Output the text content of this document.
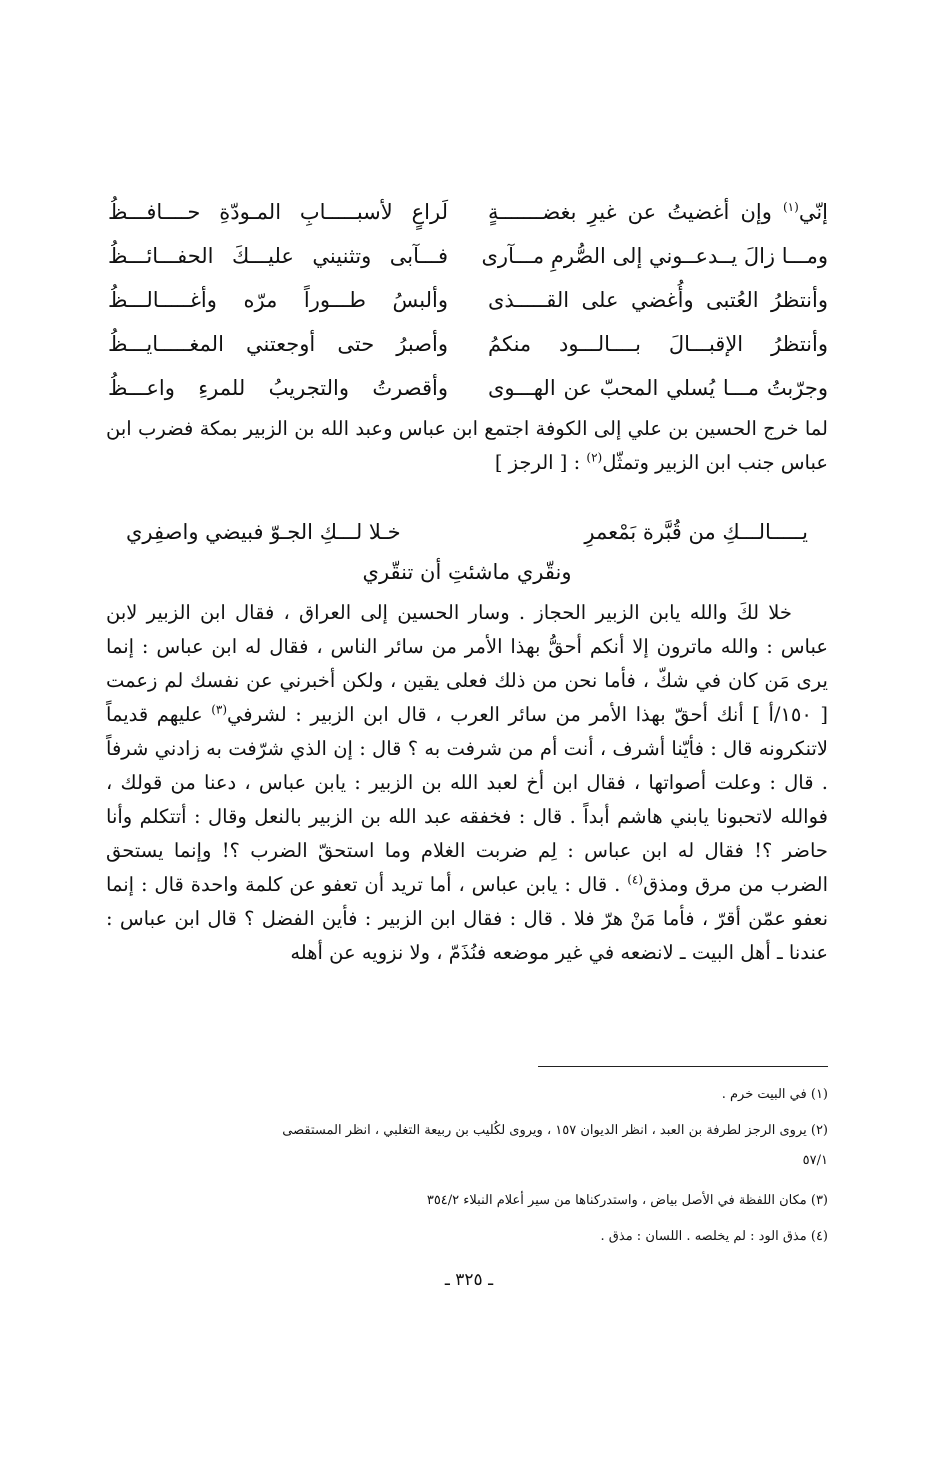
إنّي$^{(١)}$ وإن أغضيتُ عن غيرِ بغضـــــــةٍ
لَراعٍ لأسبـــــابِ المـودّةِ حــــافـــظُ
ومـــا زالَ يــدعــوني إلى الصُّرمِ مـــآرى
فـــآبى وتثنيني عليـــكَ الحفـــائـــظُ
وأنتظرُ العُتبى وأُغضي على القـــــذى
وألبسُ طـــوراً مرّه وأغـــــالـــظُ
وأنتظرُ الإقبـــالَ بــــالـــود منكمُ
وأصبرُ حتى أوجعتني المغـــــايـــظُ
وجرّبتُ مـــا يُسلي المحبّ عن الهـــوى
وأقصرتُ والتجريبُ للمرءِ واعـــظُ

لما خرج الحسين بن علي إلى الكوفة اجتمع ابن عباس وعبد الله بن الزبير بمكة فضرب ابن عباس جنب ابن الزبير وتمثّل$^{(٢)}$ : [ الرجز ]

يـــــالـــكِ من قُبَّرة بَمْعمرِ
خـلا لـــكِ الجـوّ فبيضي واصفِري
ونقّري ماشئتِ أن تنقّري

خلا لكَ والله يابن الزبير الحجاز . وسار الحسين إلى العراق ، فقال ابن الزبير لابن عباس : والله ماترون إلا أنكم أحقُّ بهذا الأمر من سائر الناس ، فقال له ابن عباس : إنما يرى مَن كان في شكّ ، فأما نحن من ذلك فعلى يقين ، ولكن أخبرني عن نفسك لم زعمت [ ١٥٠/أ ] أنك أحقّ بهذا الأمر من سائر العرب ، قال ابن الزبير : لشرفي$^{(٣)}$ عليهم قديماً لاتنكرونه قال : فأيّنا أشرف ، أنت أم من شرفت به ؟ قال : إن الذي شرّفت به زادني شرفاً . قال : وعلت أصواتها ، فقال ابن أخ لعبد الله بن الزبير : يابن عباس ، دعنا من قولك ، فوالله لاتحبونا يابني هاشم أبداً . قال : فخفقه عبد الله بن الزبير بالنعل وقال : أتتكلم وأنا حاضر ؟! فقال له ابن عباس : لِم ضربت الغلام وما استحقّ الضرب ؟! وإنما يستحق الضرب من مرق ومذق$^{(٤)}$ . قال : يابن عباس ، أما تريد أن تعفو عن كلمة واحدة قال : إنما نعفو عمّن أقرّ ، فأما مَنْ هرّ فلا . قال : فقال ابن الزبير : فأين الفضل ؟ قال ابن عباس : عندنا ـ أهل البيت ـ لانضعه في غير موضعه فنُذَمّ ، ولا نزويه عن أهله

(١) في البيت خرم .

(٢) يروى الرجز لطرفة بن العبد ، انظر الديوان ١٥٧ ، ويروى لكُليب بن ربيعة التغلبي ، انظر المستقصى

٥٧/١

(٣) مكان اللفظة في الأصل بياض ، واستدركناها من سير أعلام النبلاء ٣٥٤/٢

(٤) مذق الود : لم يخلصه . اللسان : مذق .

ـ ٣٢٥ ـ
